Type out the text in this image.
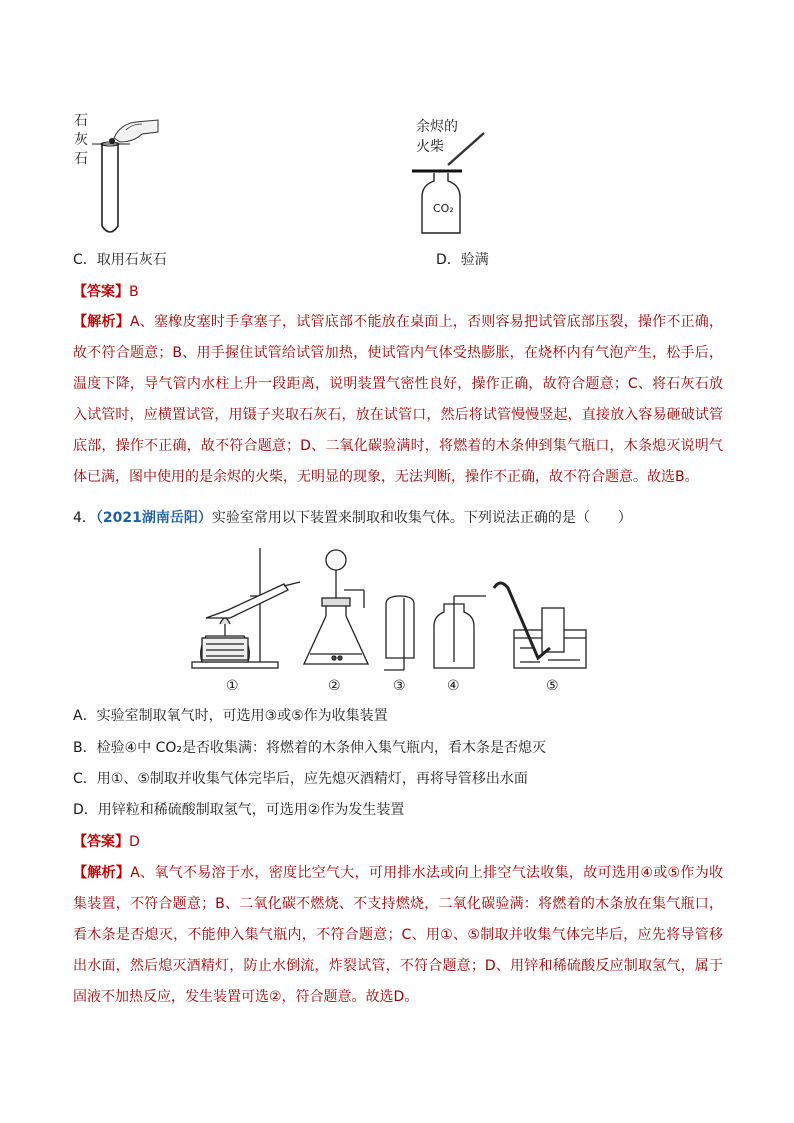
石
灰
石
余烬的
火柴
CO₂
C．取用石灰石	D．验满
【答案】B
【解析】A、塞橡皮塞时手拿塞子，试管底部不能放在桌面上，否则容易把试管底部压裂，操作不正确，故不符合题意；B、用手握住试管给试管加热，使试管内气体受热膨胀，在烧杯内有气泡产生，松手后，温度下降，导气管内水柱上升一段距离，说明装置气密性良好，操作正确，故符合题意；C、将石灰石放入试管时，应横置试管，用镊子夹取石灰石，放在试管口，然后将试管慢慢竖起，直接放入容易砸破试管底部，操作不正确，故不符合题意；D、二氧化碳验满时，将燃着的木条伸到集气瓶口，木条熄灭说明气体已满，图中使用的是余烬的火柴，无明显的现象，无法判断，操作不正确，故不符合题意。故选B。
4．（2021湖南岳阳）实验室常用以下装置来制取和收集气体。下列说法正确的是（　　）
①	②	③	④	⑤
A．实验室制取氧气时，可选用③或⑤作为收集装置
B．检验④中 CO₂是否收集满：将燃着的木条伸入集气瓶内，看木条是否熄灭
C．用①、⑤制取并收集气体完毕后，应先熄灭酒精灯，再将导管移出水面
D．用锌粒和稀硫酸制取氢气，可选用②作为发生装置
【答案】D
【解析】A、氧气不易溶于水，密度比空气大，可用排水法或向上排空气法收集，故可选用④或⑤作为收集装置，不符合题意；B、二氧化碳不燃烧、不支持燃烧，二氧化碳验满：将燃着的木条放在集气瓶口，看木条是否熄灭，不能伸入集气瓶内，不符合题意；C、用①、⑤制取并收集气体完毕后，应先将导管移出水面，然后熄灭酒精灯，防止水倒流，炸裂试管，不符合题意；D、用锌和稀硫酸反应制取氢气，属于固液不加热反应，发生装置可选②，符合题意。故选D。
